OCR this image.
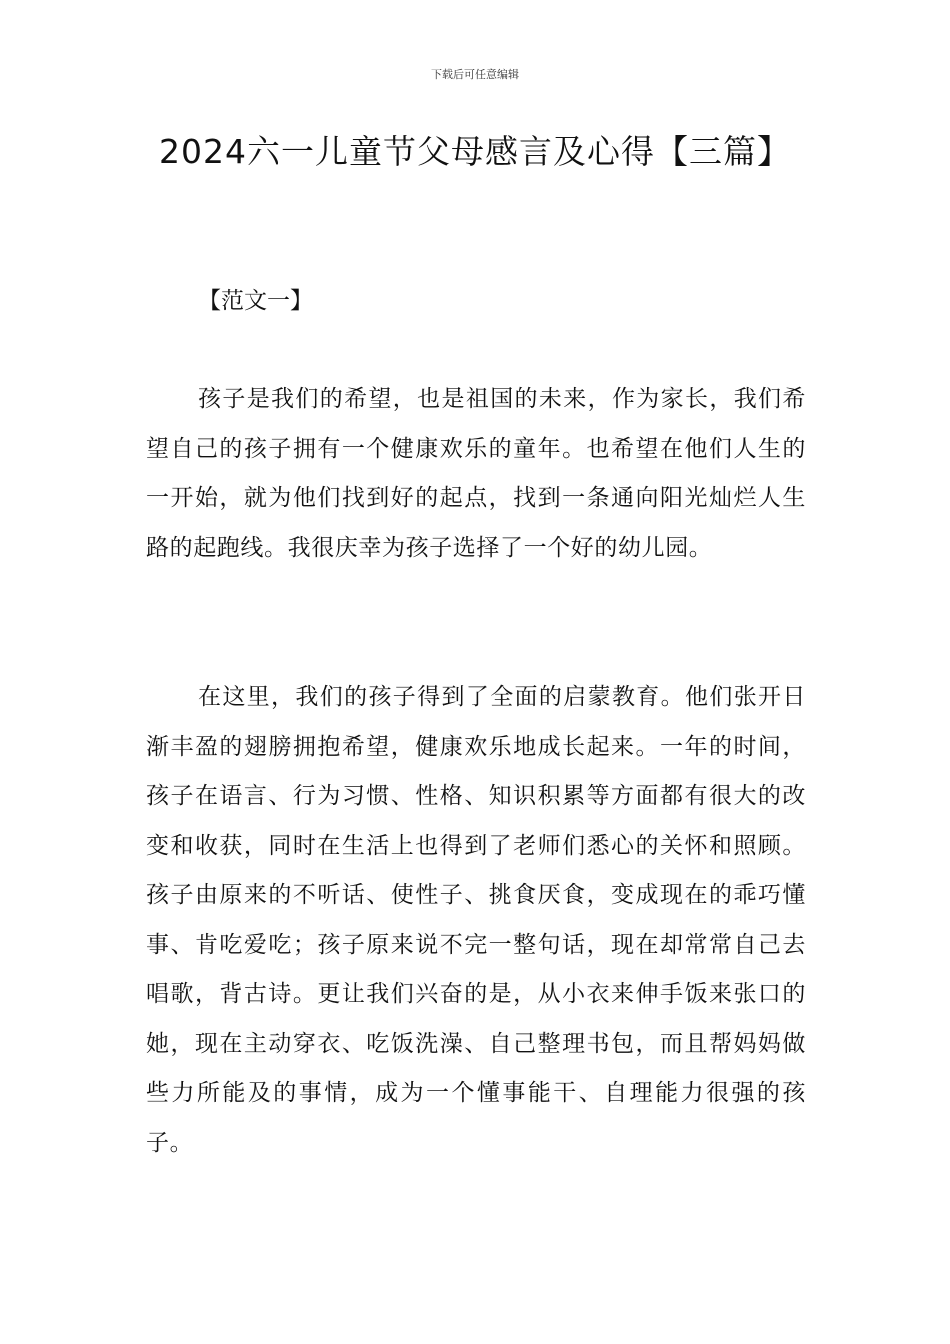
下载后可任意编辑
2024六一儿童节父母感言及心得【三篇】
【范文一】

孩子是我们的希望，也是祖国的未来，作为家长，我们希望自己的孩子拥有一个健康欢乐的童年。也希望在他们人生的一开始，就为他们找到好的起点，找到一条通向阳光灿烂人生路的起跑线。我很庆幸为孩子选择了一个好的幼儿园。

在这里，我们的孩子得到了全面的启蒙教育。他们张开日渐丰盈的翅膀拥抱希望，健康欢乐地成长起来。一年的时间，孩子在语言、行为习惯、性格、知识积累等方面都有很大的改变和收获，同时在生活上也得到了老师们悉心的关怀和照顾。孩子由原来的不听话、使性子、挑食厌食，变成现在的乖巧懂事、肯吃爱吃；孩子原来说不完一整句话，现在却常常自己去唱歌，背古诗。更让我们兴奋的是，从小衣来伸手饭来张口的她，现在主动穿衣、吃饭洗澡、自己整理书包，而且帮妈妈做些力所能及的事情，成为一个懂事能干、自理能力很强的孩子。
